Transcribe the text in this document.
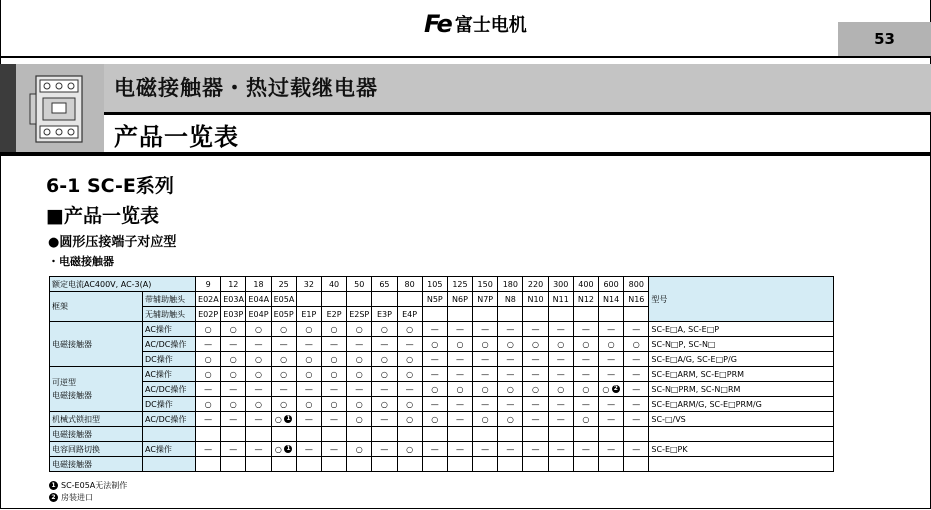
Fe 富士电机
53
电磁接触器・热过载继电器
产品一览表
6-1 SC-E系列
■产品一览表
●圆形压接端子对应型
・电磁接触器
额定电流AC400V, AC-3(A)		9	12	18	25	32	40	50	65	80	105	125	150	180	220	300	400	600	800	型号
框架	带辅助触头	E02A	E03A	E04A	E05A						N5P	N6P	N7P	N8	N10	N11	N12	N14	N16	
	无辅助触头	E02P	E03P	E04P	E05P	E1P	E2P	E2SP	E3P	E4P										

电磁接触器	AC操作	○	○	○	○	○	○	○	○	○	—	—	—	—	—	—	—	—	—	SC-E□A, SC-E□P
	AC/DC操作	—	—	—	—	—	—	—	—	—	○	○	○	○	○	○	○	○	○	SC-N□P, SC-N□
	DC操作	○	○	○	○	○	○	○	○	○	—	—	—	—	—	—	—	—	—	SC-E□A/G, SC-E□P/G

可逆型
电磁接触器	AC操作	○	○	○	○	○	○	○	○	○	—	—	—	—	—	—	—	—	—	SC-E□ARM, SC-E□PRM
	AC/DC操作	—	—	—	—	—	—	—	—	—	○	○	○	○	○	○	○	○ 2	—	SC-N□PRM, SC-N□RM
	DC操作	○	○	○	○	○	○	○	○	○	—	—	—	—	—	—	—	—	—	SC-E□ARM/G, SC-E□PRM/G

机械式锁扣型	AC/DC操作	—	—	—	○ 1	—	—	○	—	○	○	—	○	○	—	—	○	—	—	SC-□/VS
电磁接触器																				

电容回路切换	AC操作	—	—	—	○ 1	—	—	○	—	○	—	—	—	—	—	—	—	—	—	SC-E□PK
电磁接触器																				
1 SC-E05A无法制作
2 房装进口
